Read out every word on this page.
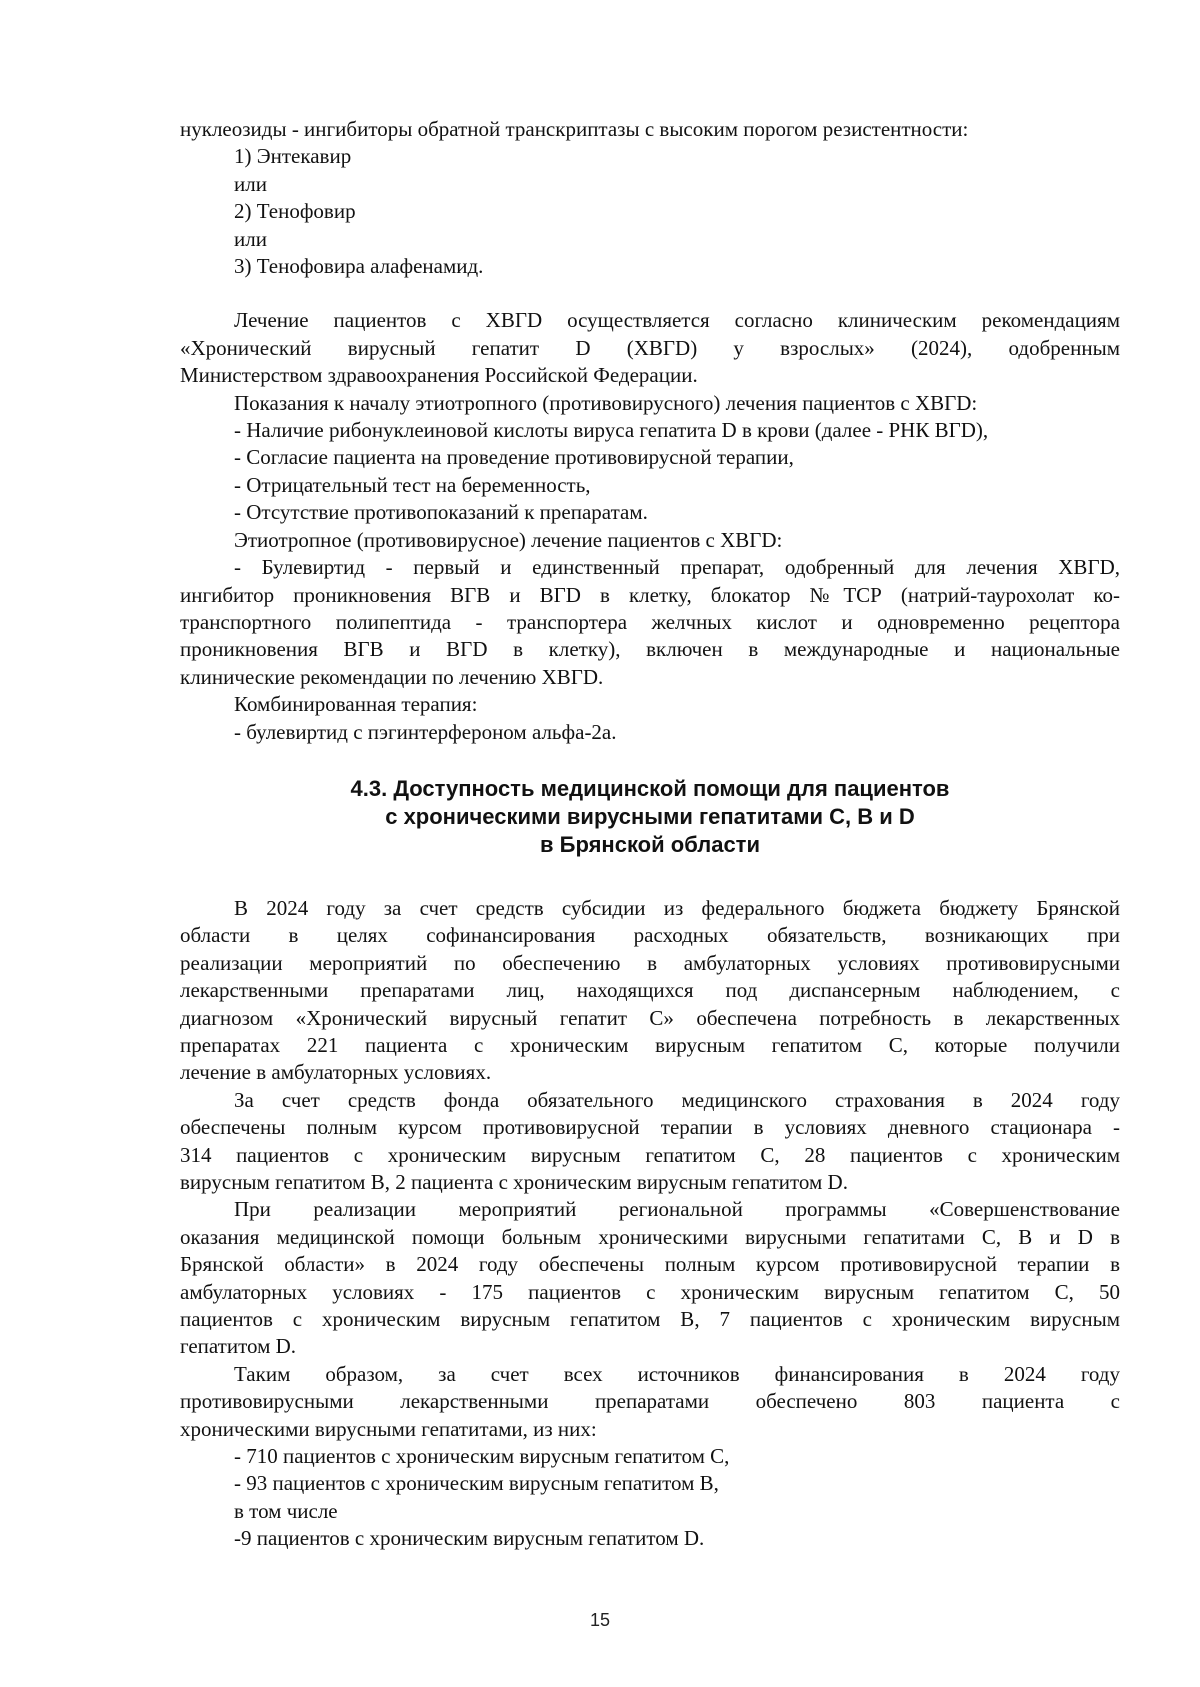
нуклеозиды - ингибиторы обратной транскриптазы с высоким порогом резистентности:
1) Энтекавир
или
2) Тенофовир
или
3) Тенофовира алафенамид.
Лечение пациентов с ХВГD осуществляется согласно клиническим рекомендациям
«Хронический вирусный гепатит D (ХВГD) у взрослых» (2024), одобренным
Министерством здравоохранения Российской Федерации.
Показания к началу этиотропного (противовирусного) лечения пациентов с ХВГD:
- Наличие рибонуклеиновой кислоты вируса гепатита D в крови (далее - РНК ВГD),
- Согласие пациента на проведение противовирусной терапии,
- Отрицательный тест на беременность,
- Отсутствие противопоказаний к препаратам.
Этиотропное (противовирусное) лечение пациентов с ХВГD:
- Булевиртид - первый и единственный препарат, одобренный для лечения ХВГD,
ингибитор проникновения ВГВ и ВГD в клетку, блокатор №ТСР (натрий-таурохолат ко-
транспортного полипептида - транспортера желчных кислот и одновременно рецептора
проникновения ВГВ и ВГD в клетку), включен в международные и национальные
клинические рекомендации по лечению ХВГD.
Комбинированная терапия:
- булевиртид с пэгинтерфероном альфа-2а.
4.3. Доступность медицинской помощи для пациентов
с хроническими вирусными гепатитами С, В и D
в Брянской области
В 2024 году за счет средств субсидии из федерального бюджета бюджету Брянской
области в целях софинансирования расходных обязательств, возникающих при
реализации мероприятий по обеспечению в амбулаторных условиях противовирусными
лекарственными препаратами лиц, находящихся под диспансерным наблюдением, с
диагнозом «Хронический вирусный гепатит С» обеспечена потребность в лекарственных
препаратах 221 пациента с хроническим вирусным гепатитом С, которые получили
лечение в амбулаторных условиях.
За счет средств фонда обязательного медицинского страхования в 2024 году
обеспечены полным курсом противовирусной терапии в условиях дневного стационара -
314 пациентов с хроническим вирусным гепатитом С, 28 пациентов с хроническим
вирусным гепатитом В, 2 пациента с хроническим вирусным гепатитом D.
При реализации мероприятий региональной программы «Совершенствование
оказания медицинской помощи больным хроническими вирусными гепатитами С, В и D в
Брянской области» в 2024 году обеспечены полным курсом противовирусной терапии в
амбулаторных условиях - 175 пациентов с хроническим вирусным гепатитом С, 50
пациентов с хроническим вирусным гепатитом В, 7 пациентов с хроническим вирусным
гепатитом D.
Таким образом, за счет всех источников финансирования в 2024 году
противовирусными лекарственными препаратами обеспечено 803 пациента с
хроническими вирусными гепатитами, из них:
- 710 пациентов с хроническим вирусным гепатитом С,
- 93 пациентов с хроническим вирусным гепатитом В,
в том числе
-9 пациентов с хроническим вирусным гепатитом D.
15
